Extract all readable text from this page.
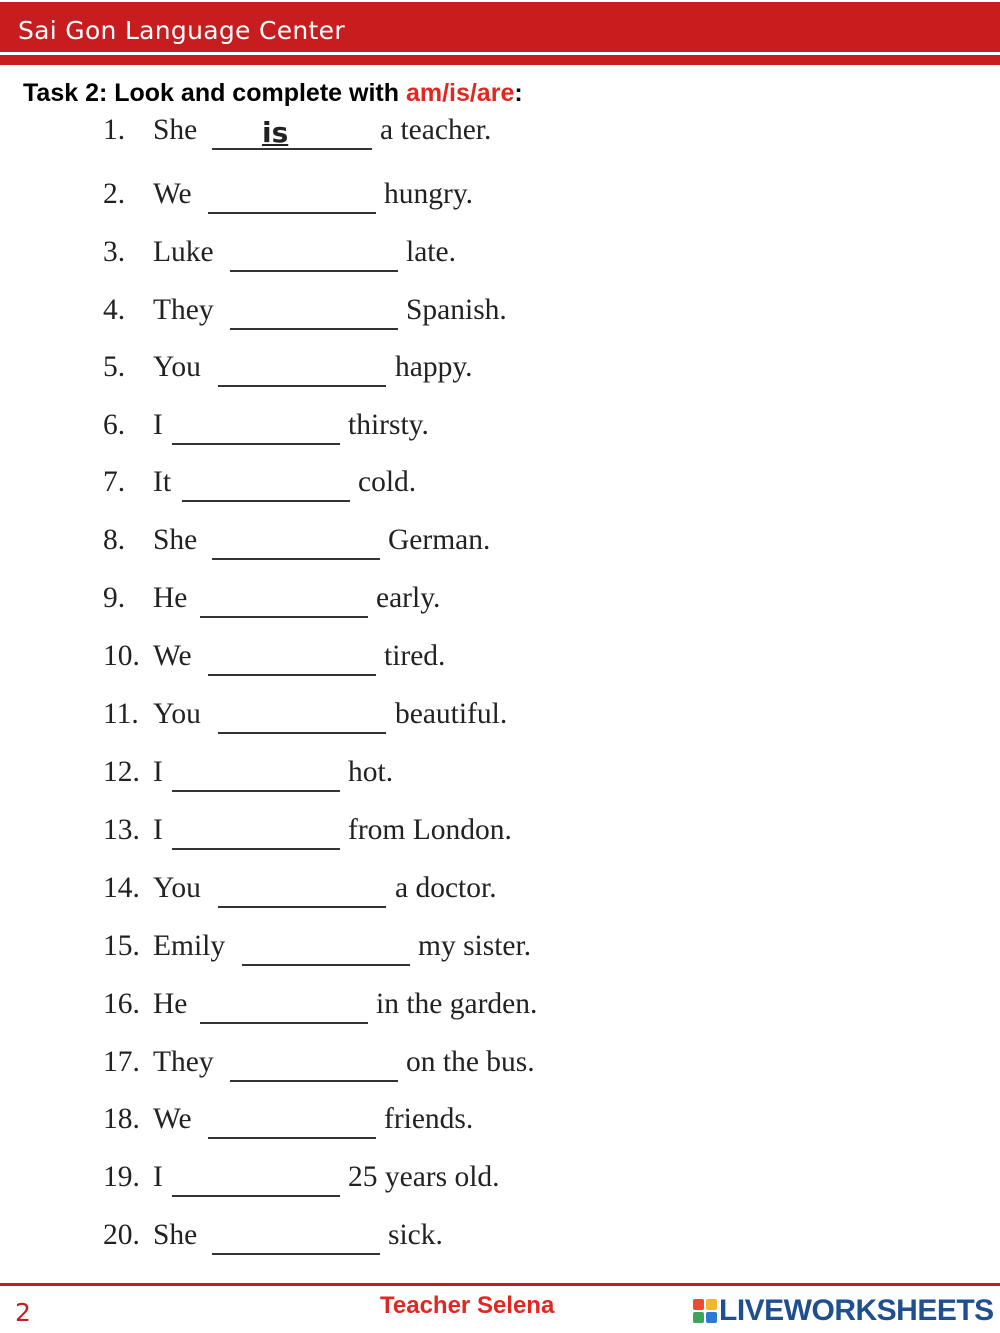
Sai Gon Language Center
Task 2: Look and complete with am/is/are:
1. She	a teacher.
2. We	hungry.
3. Luke	late.
4. They	Spanish.
5. You	happy.
6. I	thirsty.
7. It	cold.
8. She	German.
9. He	early.
10. We	tired.
11. You	beautiful.
12. I	hot.
13. I	from London.
14. You	a doctor.
15. Emily	my sister.
16. He	in the garden.
17. They	on the bus.
18. We	friends.
19. I	25 years old.
20. She	sick.
is
2	Teacher Selena	LIVEWORKSHEETS
